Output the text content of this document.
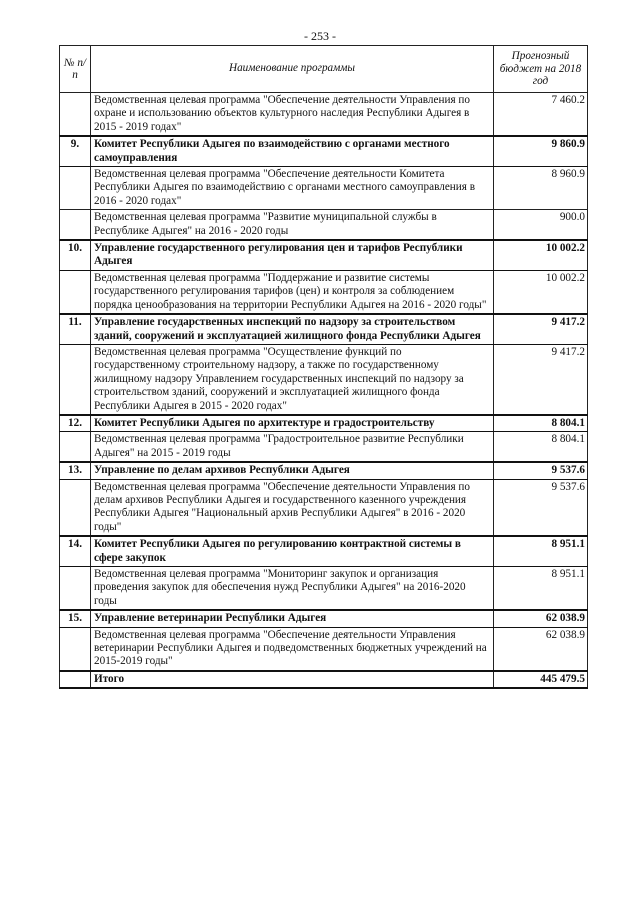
- 253 -
№ п/п	Наименование программы	Прогнозный бюджет на 2018 год
	Ведомственная целевая программа "Обеспечение деятельности Управления по охране и использованию объектов культурного наследия Республики Адыгея в 2015 - 2019 годах"	7 460.2
9.	Комитет Республики Адыгея по взаимодействию с органами местного самоуправления	9 860.9
	Ведомственная целевая программа "Обеспечение деятельности Комитета Республики Адыгея по взаимодействию с органами местного самоуправления в 2016 - 2020 годах"	8 960.9
	Ведомственная целевая программа "Развитие муниципальной службы в Республике Адыгея" на 2016 - 2020 годы	900.0
10.	Управление государственного регулирования цен и тарифов Республики Адыгея	10 002.2
	Ведомственная целевая программа "Поддержание и развитие системы государственного регулирования тарифов (цен) и контроля за соблюдением порядка ценообразования на территории Республики Адыгея на 2016 - 2020 годы"	10 002.2
11.	Управление государственных инспекций по надзору за строительством зданий, сооружений и эксплуатацией жилищного фонда Республики Адыгея	9 417.2
	Ведомственная целевая программа "Осуществление функций по государственному строительному надзору, а также по государственному жилищному надзору Управлением государственных инспекций по надзору за строительством зданий, сооружений и эксплуатацией жилищного фонда Республики Адыгея в 2015 - 2020 годах"	9 417.2
12.	Комитет Республики Адыгея по архитектуре и градостроительству	8 804.1
	Ведомственная целевая программа "Градостроительное развитие Республики Адыгея" на 2015 - 2019 годы	8 804.1
13.	Управление по делам архивов Республики Адыгея	9 537.6
	Ведомственная целевая программа "Обеспечение деятельности Управления по делам архивов Республики Адыгея и государственного казенного учреждения Республики Адыгея "Национальный архив Республики Адыгея" в 2016 - 2020 годы"	9 537.6
14.	Комитет Республики Адыгея по регулированию контрактной системы в сфере закупок	8 951.1
	Ведомственная целевая программа "Мониторинг закупок и организация проведения закупок для обеспечения нужд Республики Адыгея" на 2016-2020 годы	8 951.1
15.	Управление ветеринарии Республики Адыгея	62 038.9
	Ведомственная целевая программа "Обеспечение деятельности Управления ветеринарии Республики Адыгея и подведомственных бюджетных учреждений на 2015-2019 годы"	62 038.9
	Итого	445 479.5
